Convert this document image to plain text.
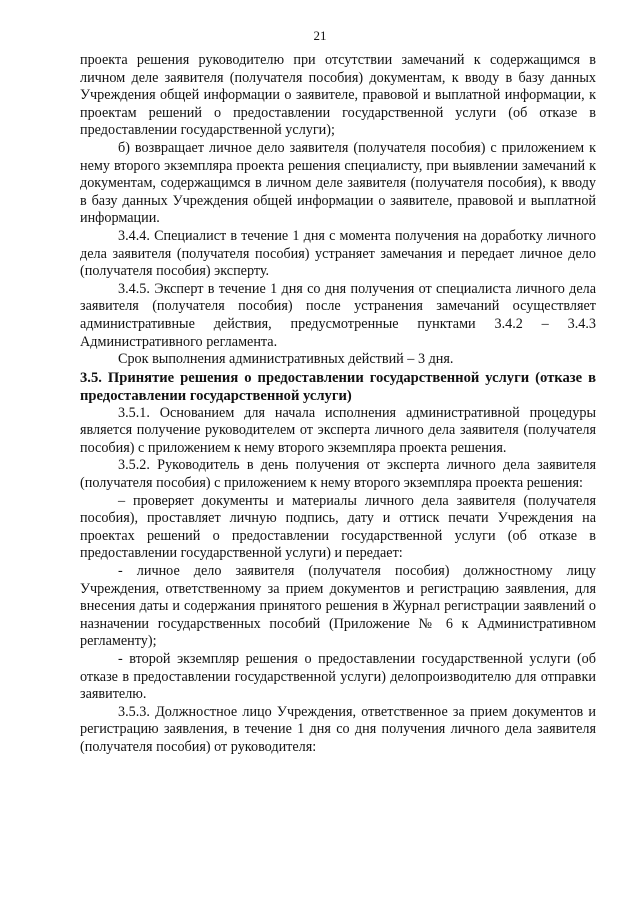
21

проекта решения руководителю при отсутствии замечаний к содержащимся в личном деле заявителя (получателя пособия) документам, к вводу в базу данных Учреждения общей информации о заявителе, правовой и выплатной информации, к проектам решений о предоставлении государственной услуги (об отказе в предоставлении государственной услуги);

б) возвращает личное дело заявителя (получателя пособия) с приложением к нему второго экземпляра проекта решения специалисту, при выявлении замечаний к документам, содержащимся в личном деле заявителя (получателя пособия), к вводу в базу данных Учреждения общей информации о заявителе, правовой и выплатной информации.

3.4.4. Специалист в течение 1 дня с момента получения на доработку личного дела заявителя (получателя пособия) устраняет замечания и передает личное дело (получателя пособия) эксперту.

3.4.5. Эксперт в течение 1 дня со дня получения от специалиста личного дела заявителя (получателя пособия) после устранения замечаний осуществляет административные действия, предусмотренные пунктами 3.4.2 – 3.4.3 Административного регламента.

Срок выполнения административных действий – 3 дня.

3.5. Принятие решения о предоставлении государственной услуги (отказе в предоставлении государственной услуги)

3.5.1. Основанием для начала исполнения административной процедуры является получение руководителем от эксперта личного дела заявителя (получателя пособия) с приложением к нему второго экземпляра проекта решения.

3.5.2. Руководитель в день получения от эксперта личного дела заявителя (получателя пособия) с приложением к нему второго экземпляра проекта решения:

– проверяет документы и материалы личного дела заявителя (получателя пособия), проставляет личную подпись, дату и оттиск печати Учреждения на проектах решений о предоставлении государственной услуги (об отказе в предоставлении государственной услуги) и передает:

- личное дело заявителя (получателя пособия) должностному лицу Учреждения, ответственному за прием документов и регистрацию заявления, для внесения даты и содержания принятого решения в Журнал регистрации заявлений о назначении государственных пособий (Приложение № 6 к Административном регламенту);

- второй экземпляр решения о предоставлении государственной услуги (об отказе в предоставлении государственной услуги) делопроизводителю для отправки заявителю.

3.5.3. Должностное лицо Учреждения, ответственное за прием документов и регистрацию заявления, в течение 1 дня со дня получения личного дела заявителя (получателя пособия) от руководителя:
